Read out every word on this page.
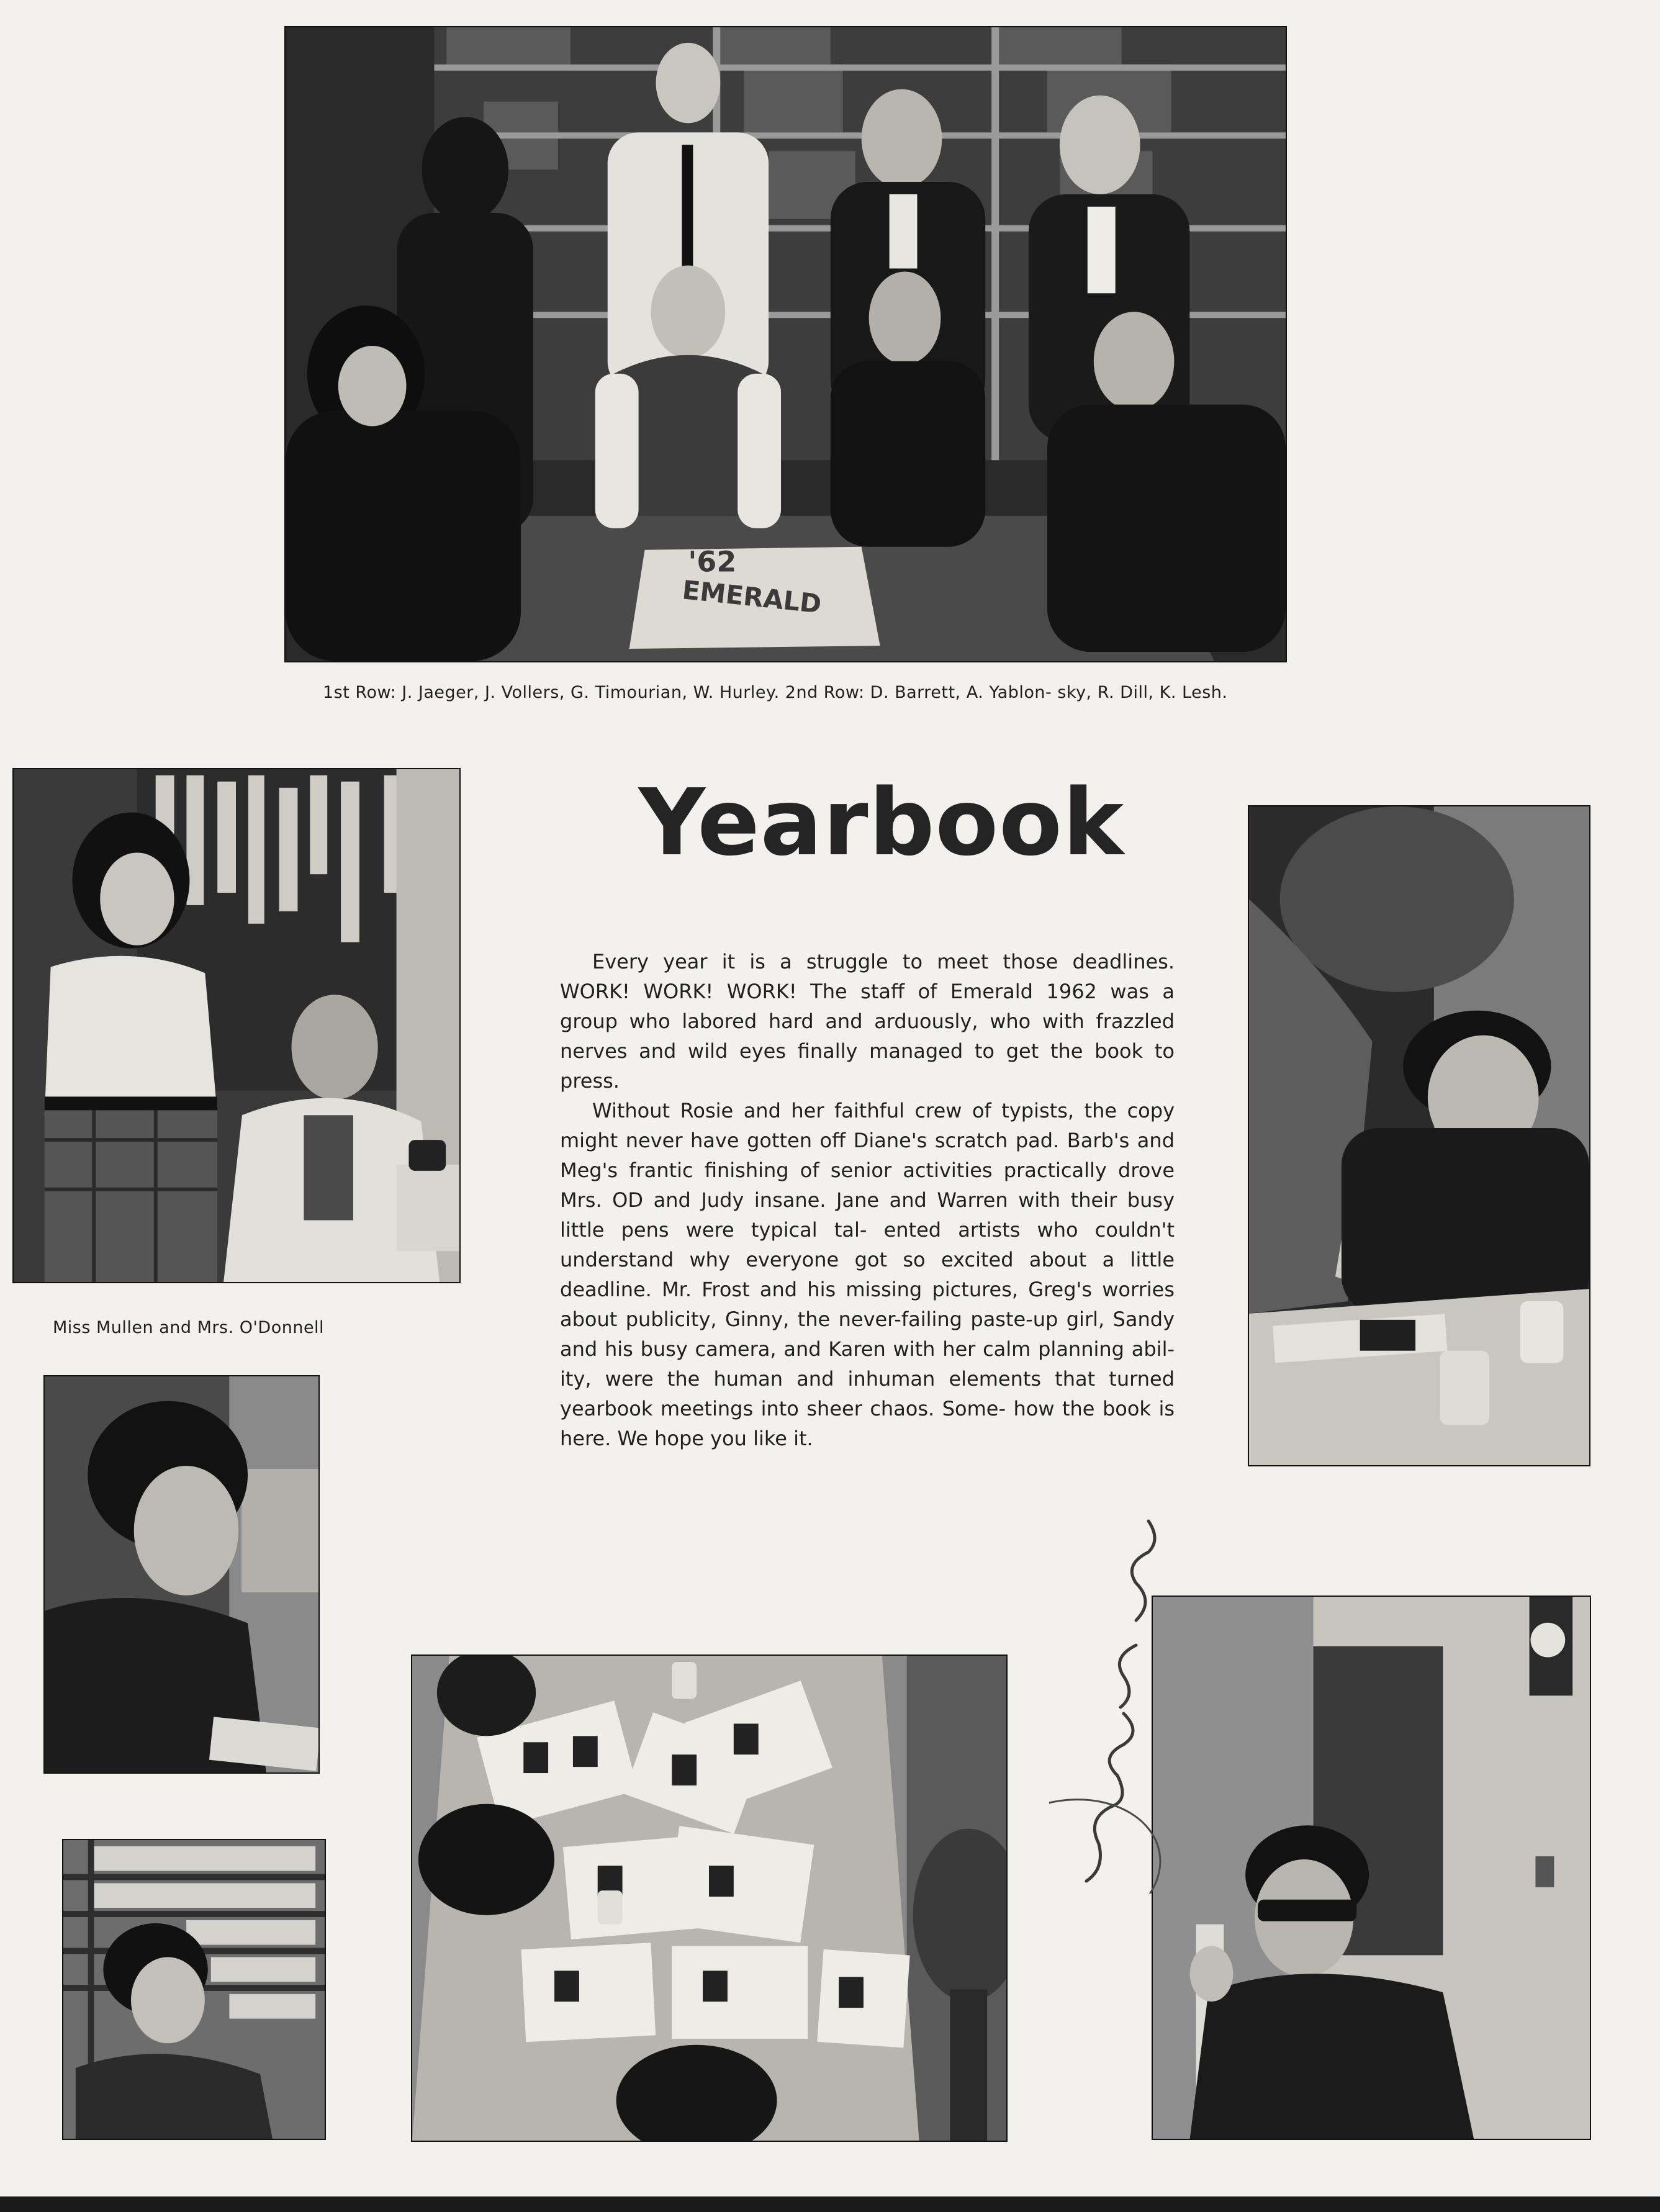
'62
EMERALD

1st Row: J. Jaeger, J. Vollers, G. Timourian, W. Hurley. 2nd Row: D. Barrett, A. Yablon- sky, R. Dill, K. Lesh.

Miss Mullen and Mrs. O'Donnell

Yearbook

Every year it is a struggle to meet those deadlines. WORK! WORK! WORK! The staff of Emerald 1962 was a group who labored hard and arduously, who with frazzled nerves and wild eyes finally managed to get the book to press.

Without Rosie and her faithful crew of typists, the copy might never have gotten off Diane's scratch pad. Barb's and Meg's frantic finishing of senior activities practically drove Mrs. OD and Judy insane. Jane and Warren with their busy little pens were typical tal- ented artists who couldn't understand why everyone got so excited about a little deadline. Mr. Frost and his missing pictures, Greg's worries about publicity, Ginny, the never-failing paste-up girl, Sandy and his busy camera, and Karen with her calm planning abil- ity, were the human and inhuman elements that turned yearbook meetings into sheer chaos. Some- how the book is here. We hope you like it.
